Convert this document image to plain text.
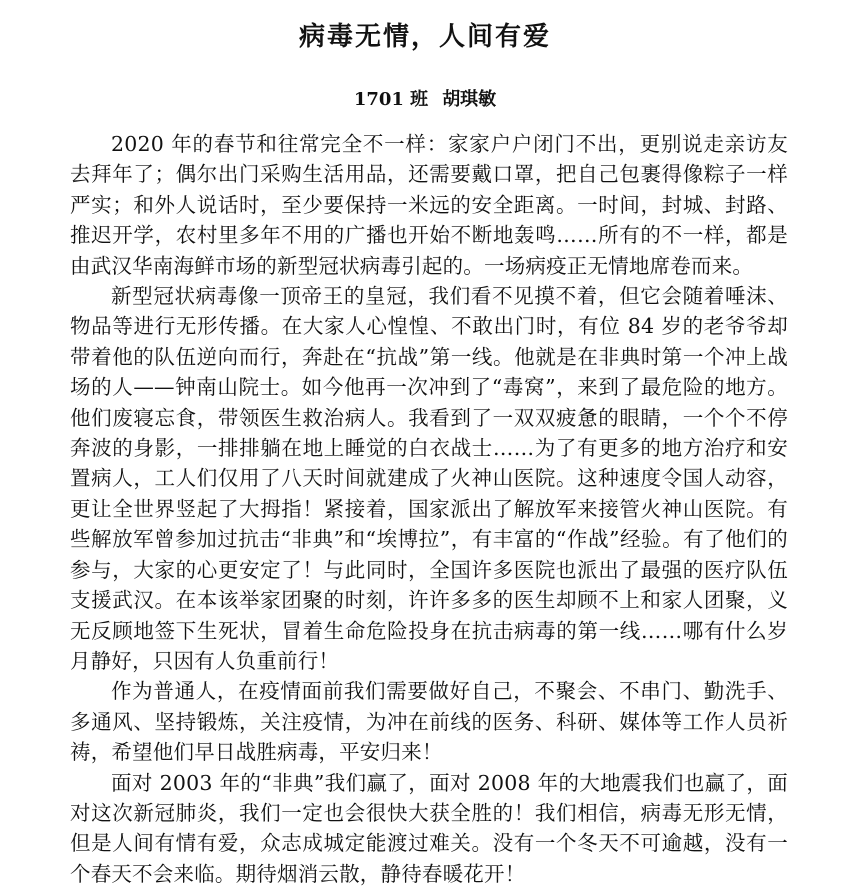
病毒无情，人间有爱
1701 班 胡琪敏

2020 年的春节和往常完全不一样：家家户户闭门不出，更别说走亲访友去拜年了；偶尔出门采购生活用品，还需要戴口罩，把自己包裹得像粽子一样严实；和外人说话时，至少要保持一米远的安全距离。一时间，封城、封路、推迟开学，农村里多年不用的广播也开始不断地轰鸣……所有的不一样，都是由武汉华南海鲜市场的新型冠状病毒引起的。一场病疫正无情地席卷而来。

新型冠状病毒像一顶帝王的皇冠，我们看不见摸不着，但它会随着唾沫、物品等进行无形传播。在大家人心惶惶、不敢出门时，有位 84 岁的老爷爷却带着他的队伍逆向而行，奔赴在“抗战”第一线。他就是在非典时第一个冲上战场的人——钟南山院士。如今他再一次冲到了“毒窝”，来到了最危险的地方。他们废寝忘食，带领医生救治病人。我看到了一双双疲惫的眼睛，一个个不停奔波的身影，一排排躺在地上睡觉的白衣战士……为了有更多的地方治疗和安置病人，工人们仅用了八天时间就建成了火神山医院。这种速度令国人动容，更让全世界竖起了大拇指！紧接着，国家派出了解放军来接管火神山医院。有些解放军曾参加过抗击“非典”和“埃博拉”，有丰富的“作战”经验。有了他们的参与，大家的心更安定了！与此同时，全国许多医院也派出了最强的医疗队伍支援武汉。在本该举家团聚的时刻，许许多多的医生却顾不上和家人团聚，义无反顾地签下生死状，冒着生命危险投身在抗击病毒的第一线……哪有什么岁月静好，只因有人负重前行！

作为普通人，在疫情面前我们需要做好自己，不聚会、不串门、勤洗手、多通风、坚持锻炼，关注疫情，为冲在前线的医务、科研、媒体等工作人员祈祷，希望他们早日战胜病毒，平安归来！

面对 2003 年的“非典”我们赢了，面对 2008 年的大地震我们也赢了，面对这次新冠肺炎，我们一定也会很快大获全胜的！我们相信，病毒无形无情，但是人间有情有爱，众志成城定能渡过难关。没有一个冬天不可逾越，没有一个春天不会来临。期待烟消云散，静待春暖花开！
